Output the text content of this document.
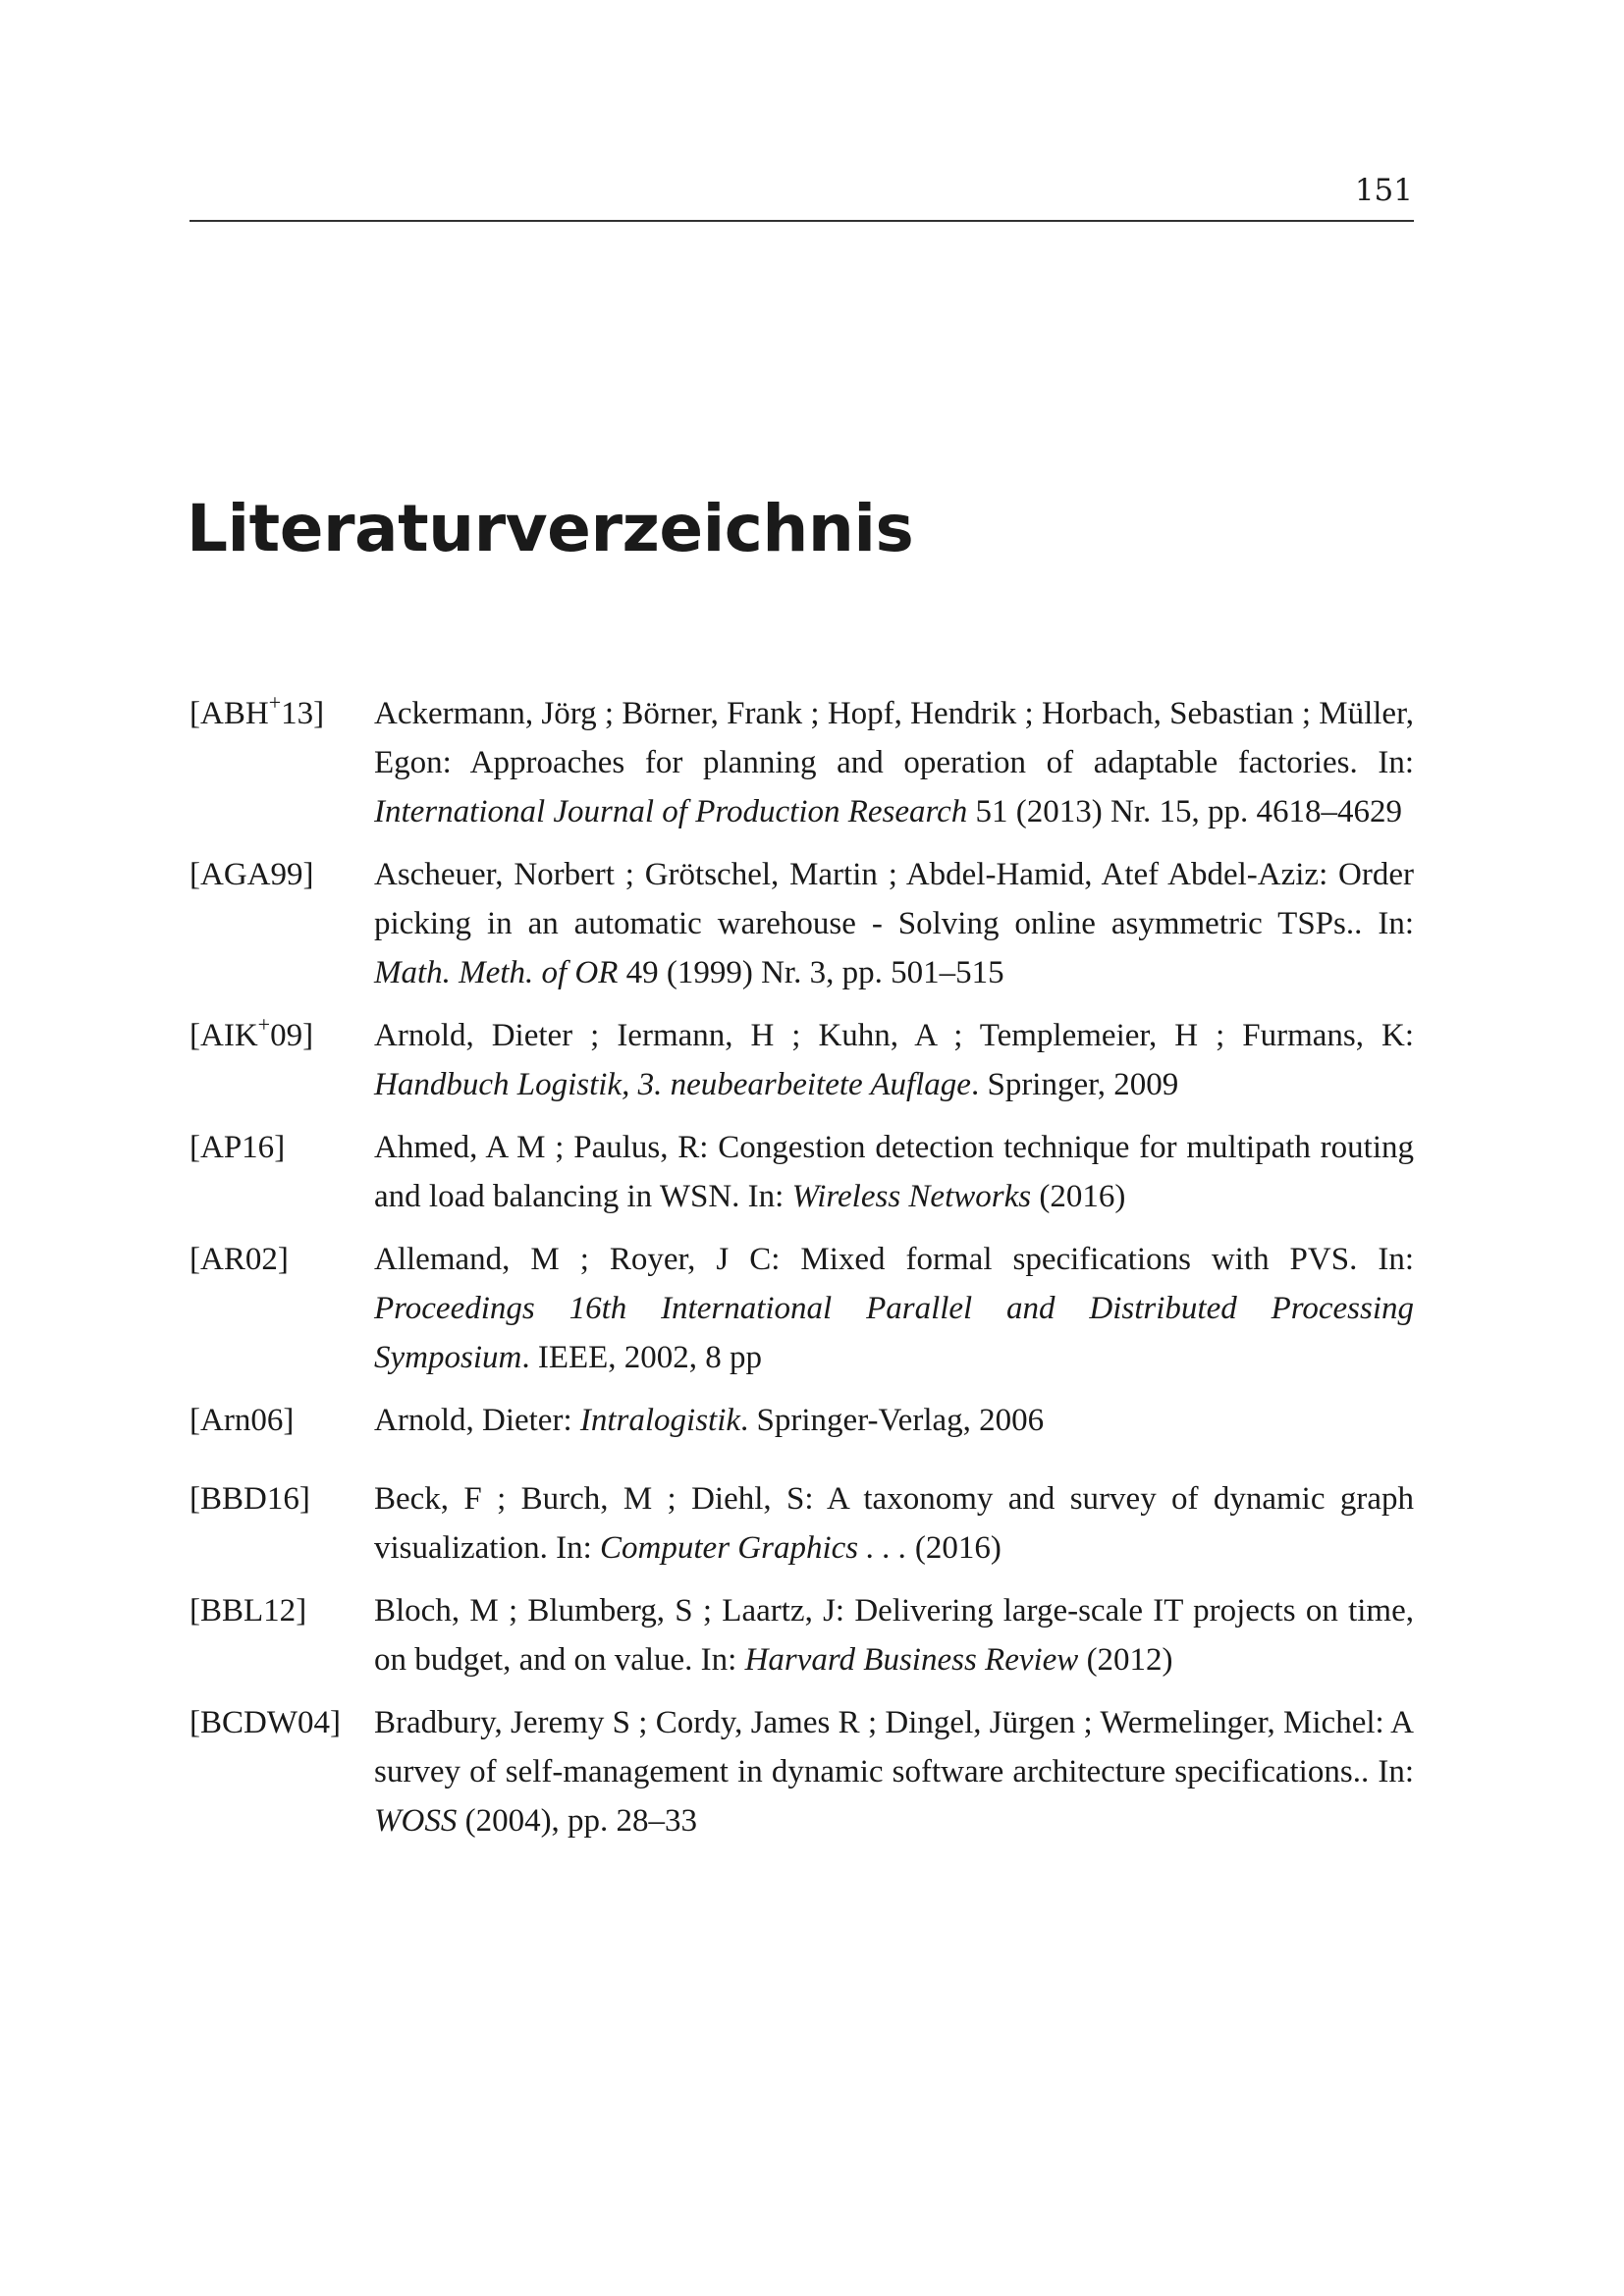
151
Literaturverzeichnis
[ABH+13]	Ackermann, Jörg ; Börner, Frank ; Hopf, Hendrik ; Horbach, Sebastian ; Müller, Egon: Approaches for planning and operation of adaptable factories. In: International Journal of Production Research 51 (2013) Nr. 15, pp. 4618–4629
[AGA99]	Ascheuer, Norbert ; Grötschel, Martin ; Abdel-Hamid, Atef Abdel-Aziz: Order picking in an automatic warehouse - Solving online asymmetric TSPs.. In: Math. Meth. of OR 49 (1999) Nr. 3, pp. 501–515
[AIK+09]	Arnold, Dieter ; Iermann, H ; Kuhn, A ; Templemeier, H ; Furmans, K: Handbuch Logistik, 3. neubearbeitete Auflage. Springer, 2009
[AP16]	Ahmed, A M ; Paulus, R: Congestion detection technique for multipath routing and load balancing in WSN. In: Wireless Networks (2016)
[AR02]	Allemand, M ; Royer, J C: Mixed formal specifications with PVS. In: Proceedings 16th International Parallel and Distributed Processing Symposium. IEEE, 2002, 8 pp
[Arn06]	Arnold, Dieter: Intralogistik. Springer-Verlag, 2006
[BBD16]	Beck, F ; Burch, M ; Diehl, S: A taxonomy and survey of dynamic graph visualization. In: Computer Graphics . . . (2016)
[BBL12]	Bloch, M ; Blumberg, S ; Laartz, J: Delivering large-scale IT projects on time, on budget, and on value. In: Harvard Business Review (2012)
[BCDW04]	Bradbury, Jeremy S ; Cordy, James R ; Dingel, Jürgen ; Wermelinger, Michel: A survey of self-management in dynamic software architecture specifications.. In: WOSS (2004), pp. 28–33
